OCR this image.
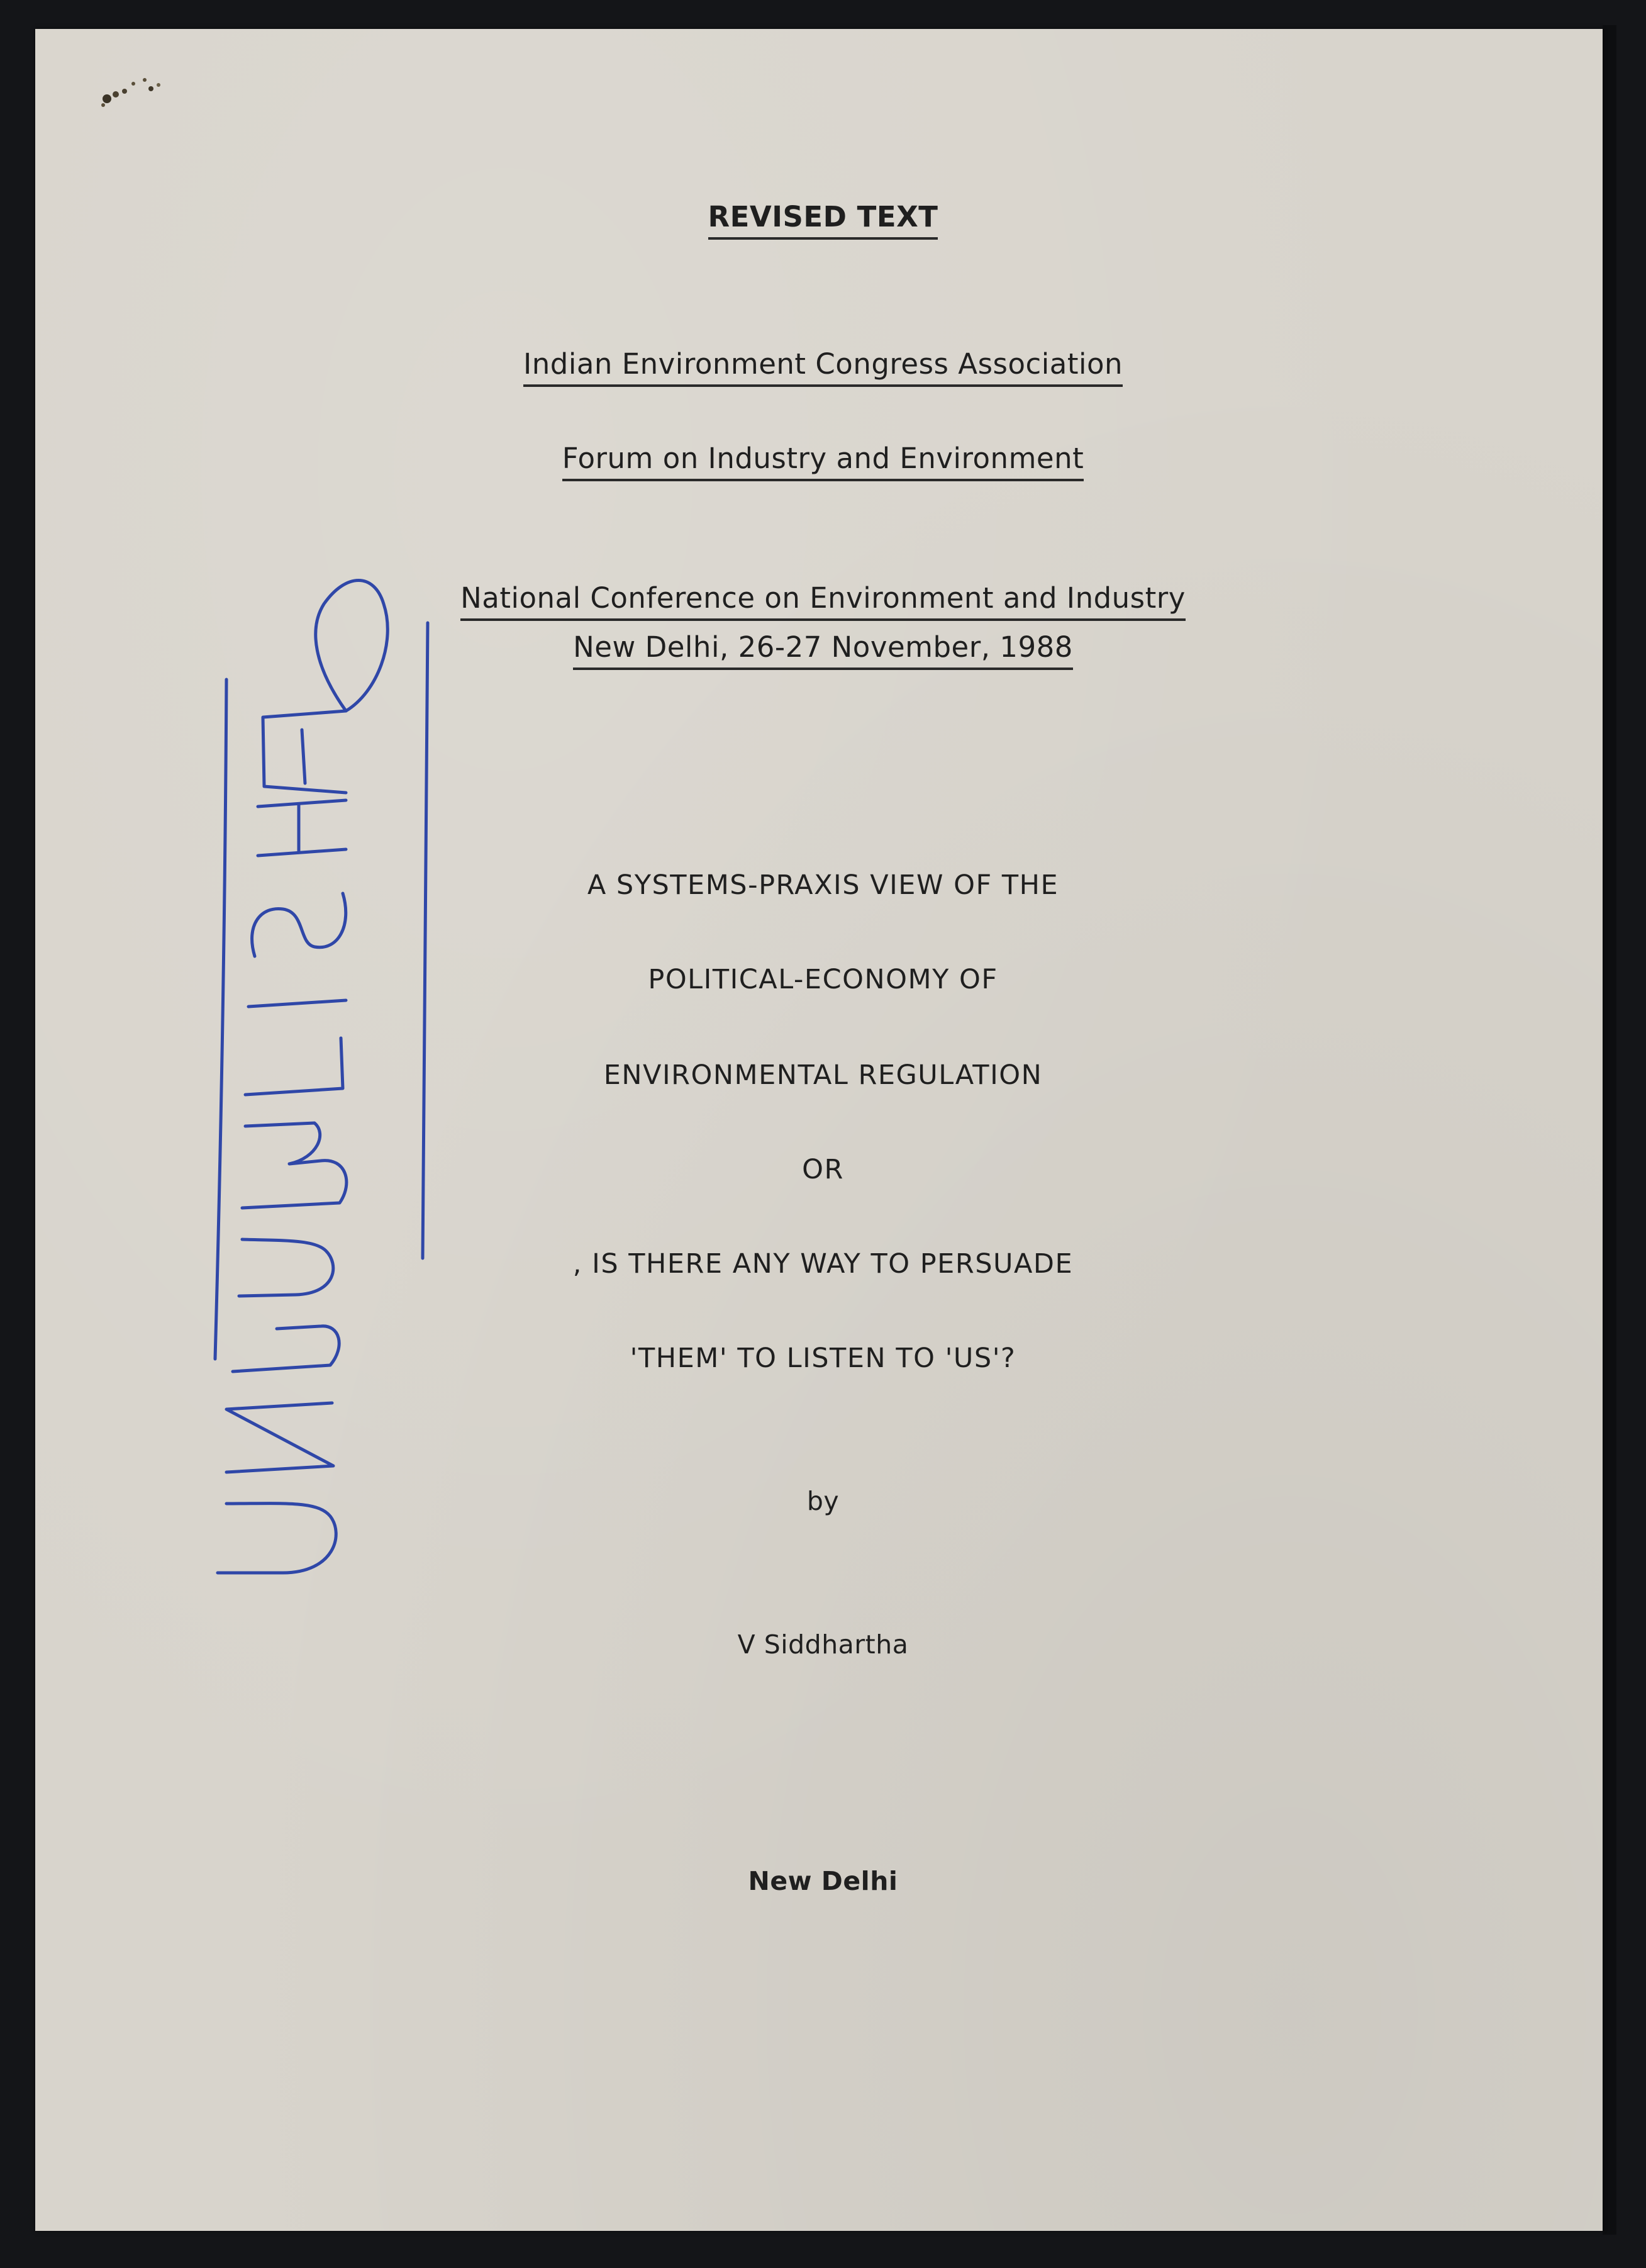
REVISED TEXT
Indian Environment Congress Association
Forum on Industry and Environment
National Conference on Environment and Industry
New Delhi, 26-27 November, 1988
A SYSTEMS-PRAXIS VIEW OF THE
POLITICAL-ECONOMY OF
ENVIRONMENTAL REGULATION
OR
, IS THERE ANY WAY TO PERSUADE
'THEM' TO LISTEN TO 'US'?
by
V Siddhartha
New Delhi
